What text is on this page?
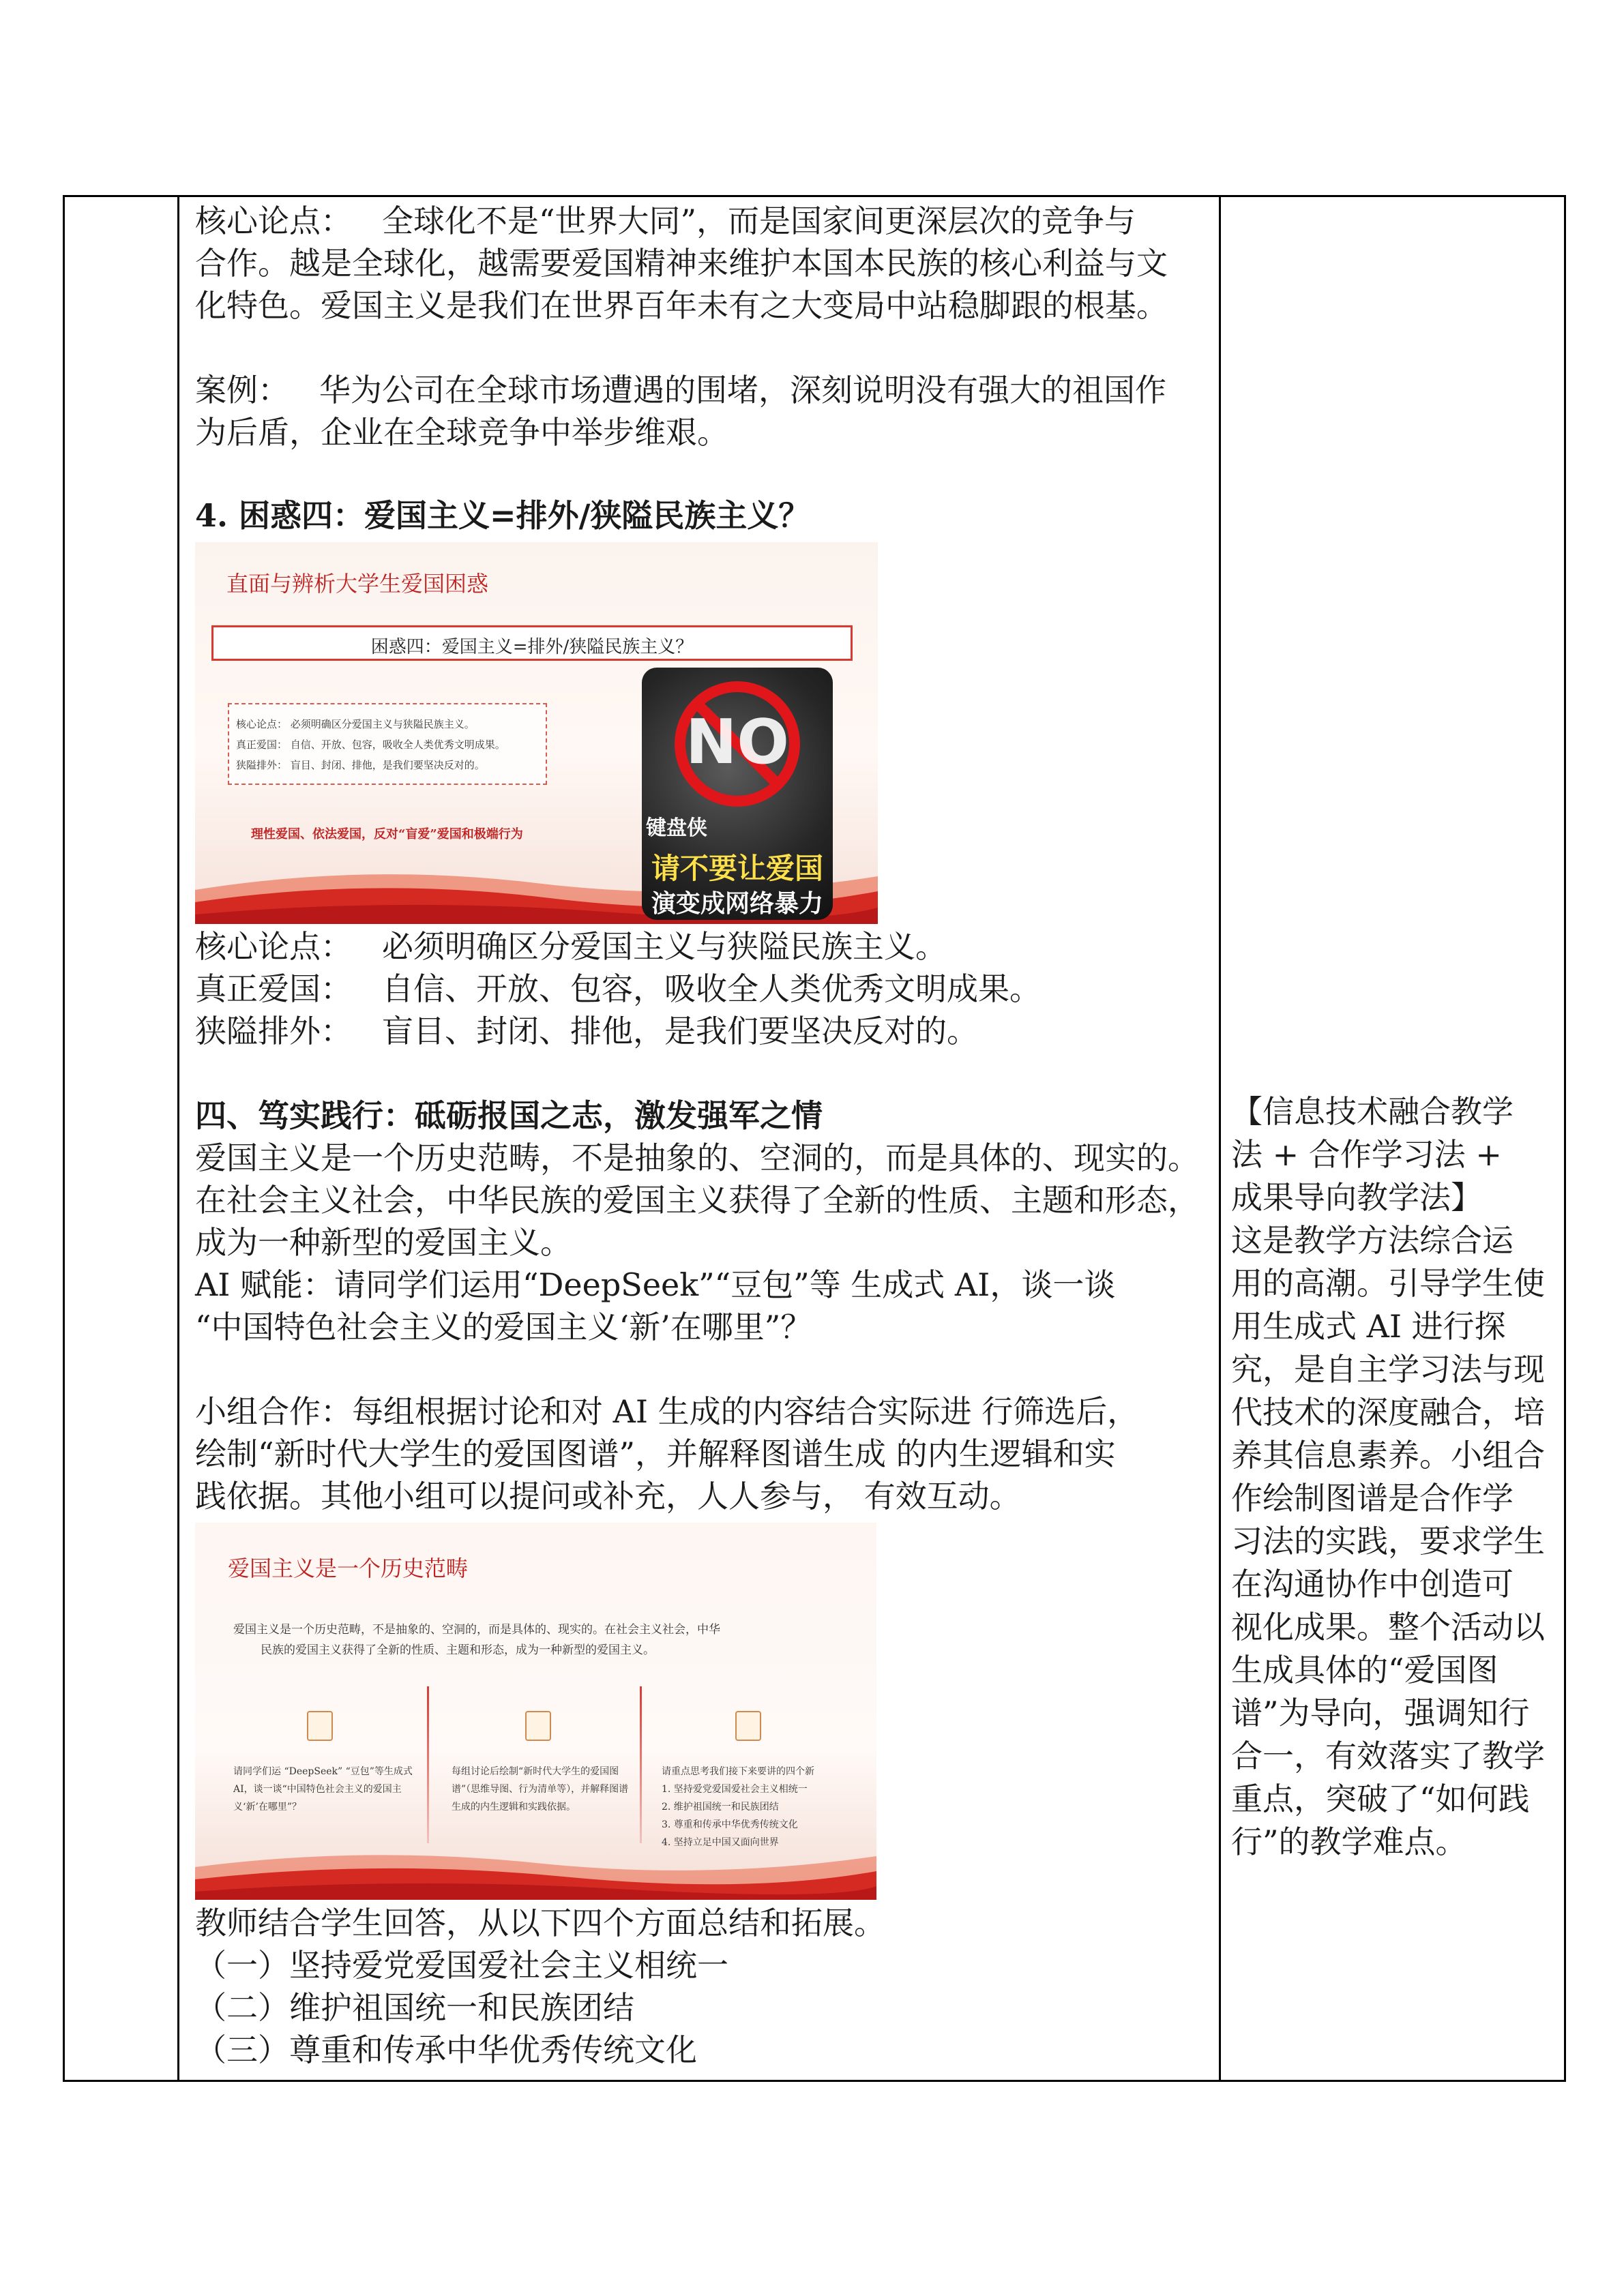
核心论点： 全球化不是“世界大同”，而是国家间更深层次的竞争与
合作。越是全球化，越需要爱国精神来维护本国本民族的核心利益与文
化特色。爱国主义是我们在世界百年未有之大变局中站稳脚跟的根基。
案例： 华为公司在全球市场遭遇的围堵，深刻说明没有强大的祖国作
为后盾，企业在全球竞争中举步维艰。
4. 困惑四：爱国主义=排外/狭隘民族主义？
直面与辨析大学生爱国困惑
困惑四：爱国主义=排外/狭隘民族主义？
核心论点： 必须明确区分爱国主义与狭隘民族主义。
真正爱国： 自信、开放、包容，吸收全人类优秀文明成果。
狭隘排外： 盲目、封闭、排他，是我们要坚决反对的。
理性爱国、依法爱国，反对“盲爱”爱国和极端行为
NO
键盘侠
请不要让爱国
演变成网络暴力
核心论点： 必须明确区分爱国主义与狭隘民族主义。
真正爱国： 自信、开放、包容，吸收全人类优秀文明成果。
狭隘排外： 盲目、封闭、排他，是我们要坚决反对的。
四、笃实践行：砥砺报国之志，激发强军之情
爱国主义是一个历史范畴，不是抽象的、空洞的，而是具体的、现实的。
在社会主义社会，中华民族的爱国主义获得了全新的性质、主题和形态，
成为一种新型的爱国主义。
AI 赋能：请同学们运用“DeepSeek”“豆包”等 生成式 AI，谈一谈
“中国特色社会主义的爱国主义‘新’在哪里”？
小组合作：每组根据讨论和对 AI 生成的内容结合实际进 行筛选后，
绘制“新时代大学生的爱国图谱”，并解释图谱生成 的内生逻辑和实
践依据。其他小组可以提问或补充，人人参与， 有效互动。
爱国主义是一个历史范畴
爱国主义是一个历史范畴，不是抽象的、空洞的，而是具体的、现实的。在社会主义社会，中华
民族的爱国主义获得了全新的性质、主题和形态，成为一种新型的爱国主义。
请同学们运 “DeepSeek” “豆包”等生成式 AI，谈一谈“中国特色社会主义的爱国主义‘新’在哪里”？
每组讨论后绘制“新时代大学生的爱国图谱”（思维导图、行为清单等），并解释图谱生成的内生逻辑和实践依据。
请重点思考我们接下来要讲的四个新
1. 坚持爱党爱国爱社会主义相统一
2. 维护祖国统一和民族团结
3. 尊重和传承中华优秀传统文化
4. 坚持立足中国又面向世界
教师结合学生回答，从以下四个方面总结和拓展。
（一）坚持爱党爱国爱社会主义相统一
（二）维护祖国统一和民族团结
（三）尊重和传承中华优秀传统文化
【信息技术融合教学
法 + 合作学习法 +
成果导向教学法】
这是教学方法综合运
用的高潮。引导学生使
用生成式 AI 进行探
究，是自主学习法与现
代技术的深度融合，培
养其信息素养。小组合
作绘制图谱是合作学
习法的实践，要求学生
在沟通协作中创造可
视化成果。整个活动以
生成具体的“爱国图
谱”为导向，强调知行
合一，有效落实了教学
重点，突破了“如何践
行”的教学难点。
